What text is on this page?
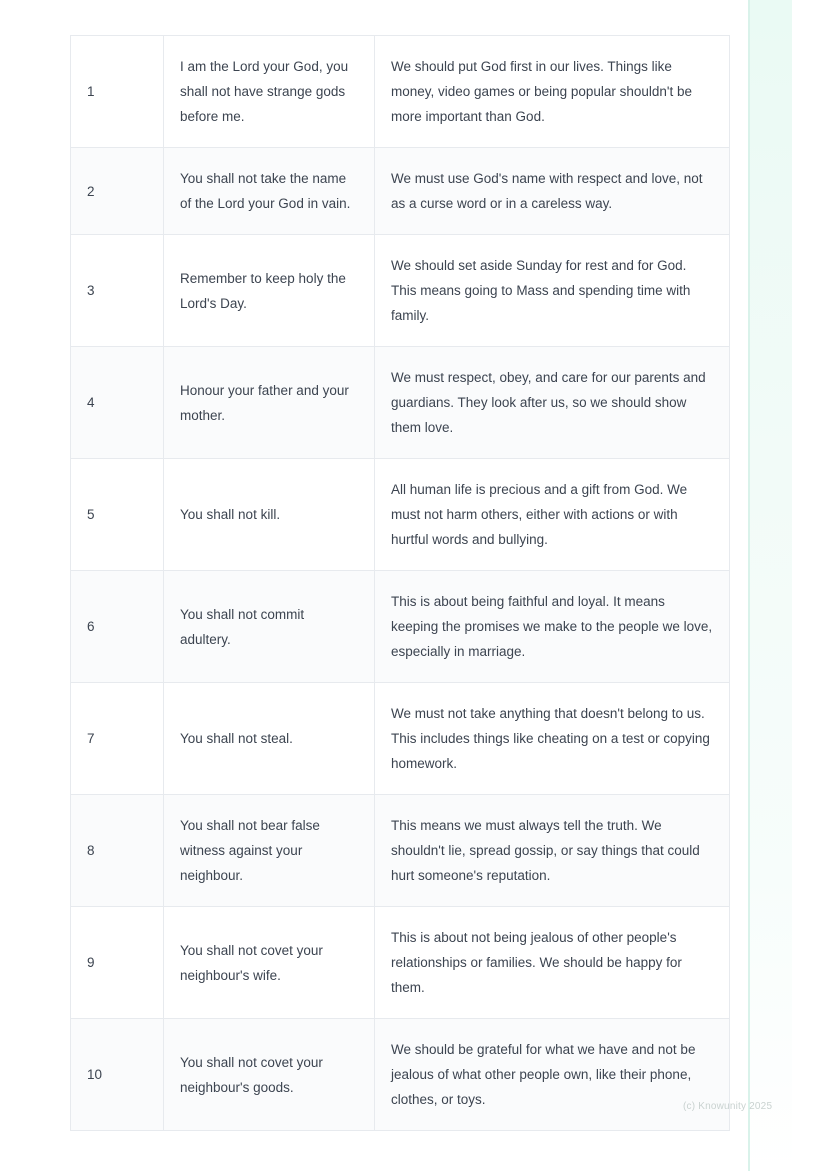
1	I am the Lord your God, you shall not have strange gods before me.	We should put God first in our lives. Things like money, video games or being popular shouldn't be more important than God.
2	You shall not take the name of the Lord your God in vain.	We must use God's name with respect and love, not as a curse word or in a careless way.
3	Remember to keep holy the Lord's Day.	We should set aside Sunday for rest and for God. This means going to Mass and spending time with family.
4	Honour your father and your mother.	We must respect, obey, and care for our parents and guardians. They look after us, so we should show them love.
5	You shall not kill.	All human life is precious and a gift from God. We must not harm others, either with actions or with hurtful words and bullying.
6	You shall not commit adultery.	This is about being faithful and loyal. It means keeping the promises we make to the people we love, especially in marriage.
7	You shall not steal.	We must not take anything that doesn't belong to us. This includes things like cheating on a test or copying homework.
8	You shall not bear false witness against your neighbour.	This means we must always tell the truth. We shouldn't lie, spread gossip, or say things that could hurt someone's reputation.
9	You shall not covet your neighbour's wife.	This is about not being jealous of other people's relationships or families. We should be happy for them.
10	You shall not covet your neighbour's goods.	We should be grateful for what we have and not be jealous of what other people own, like their phone, clothes, or toys.	(c) Knowunity 2025
